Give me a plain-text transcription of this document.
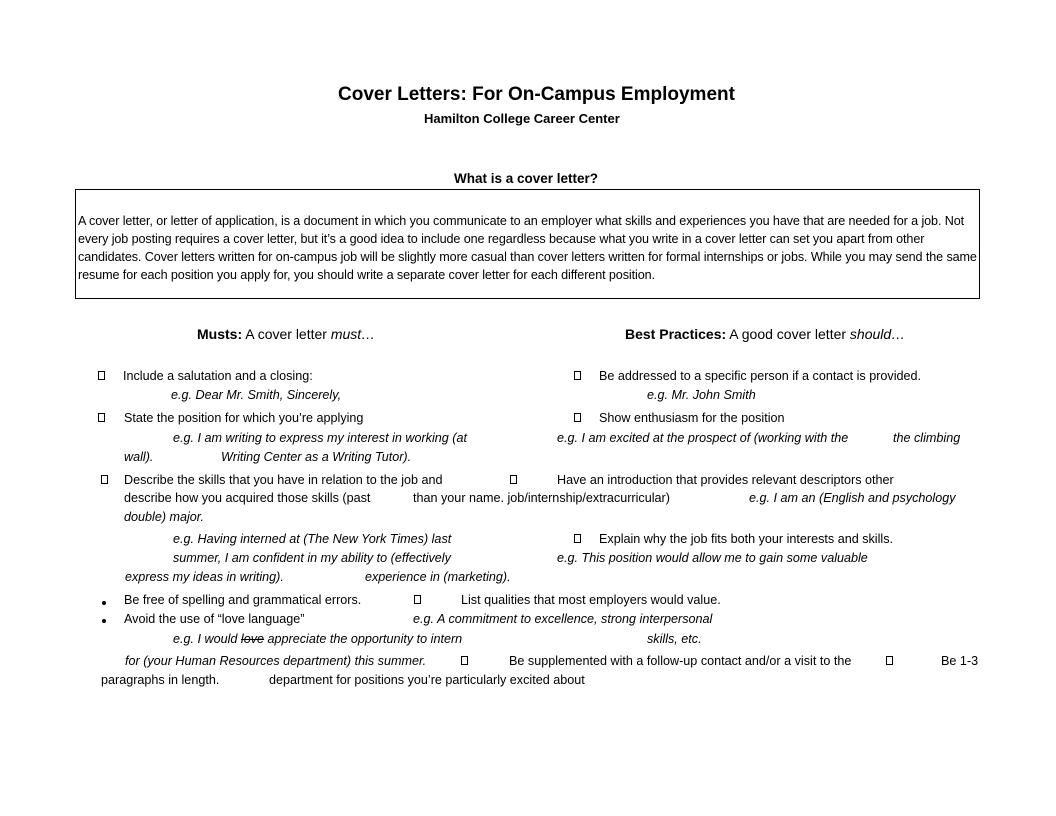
Cover Letters: For On-Campus Employment
Hamilton College Career Center
What is a cover letter?

A cover letter, or letter of application, is a document in which you communicate to an employer what skills and experiences you have that are needed for a job. Not every job posting requires a cover letter, but it’s a good idea to include one regardless because what you write in a cover letter can set you apart from other candidates. Cover letters written for on-campus job will be slightly more casual than cover letters written for formal internships or jobs. While you may send the same resume for each position you apply for, you should write a separate cover letter for each different position.

Musts: A cover letter must…	Best Practices: A good cover letter should…
Include a salutation and a closing:	Be addressed to a specific person if a contact is provided.
e.g. Dear Mr. Smith, Sincerely,	e.g. Mr. John Smith
State the position for which you’re applying	Show enthusiasm for the position
e.g. I am writing to express my interest in working (at	e.g. I am excited at the prospect of (working with the	the climbing
wall).	Writing Center as a Writing Tutor).
Describe the skills that you have in relation to the job and	Have an introduction that provides relevant descriptors other
describe how you acquired those skills (past	than your name. job/internship/extracurricular)	e.g. I am an (English and psychology
double) major.
e.g. Having interned at (The New York Times) last	Explain why the job fits both your interests and skills.
summer, I am confident in my ability to (effectively	e.g. This position would allow me to gain some valuable
express my ideas in writing).	experience in (marketing).
Be free of spelling and grammatical errors.	List qualities that most employers would value.
Avoid the use of “love language”	e.g. A commitment to excellence, strong interpersonal
e.g. I would love appreciate the opportunity to intern	skills, etc.
for (your Human Resources department) this summer.	Be supplemented with a follow-up contact and/or a visit to the	Be 1-3
paragraphs in length.	department for positions you’re particularly excited about
